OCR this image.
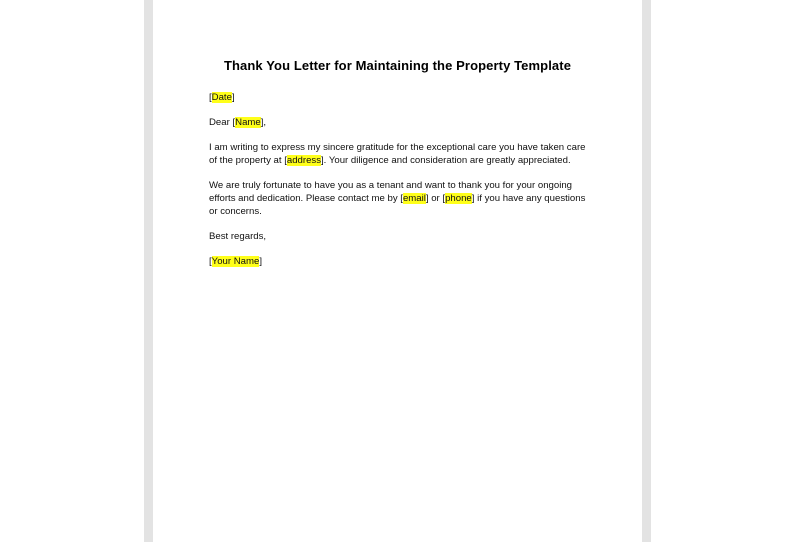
Thank You Letter for Maintaining the Property Template

[Date]

Dear [Name],

I am writing to express my sincere gratitude for the exceptional care you have taken care of the property at [address]. Your diligence and consideration are greatly appreciated.

We are truly fortunate to have you as a tenant and want to thank you for your ongoing efforts and dedication. Please contact me by [email] or [phone] if you have any questions or concerns.

Best regards,

[Your Name]
